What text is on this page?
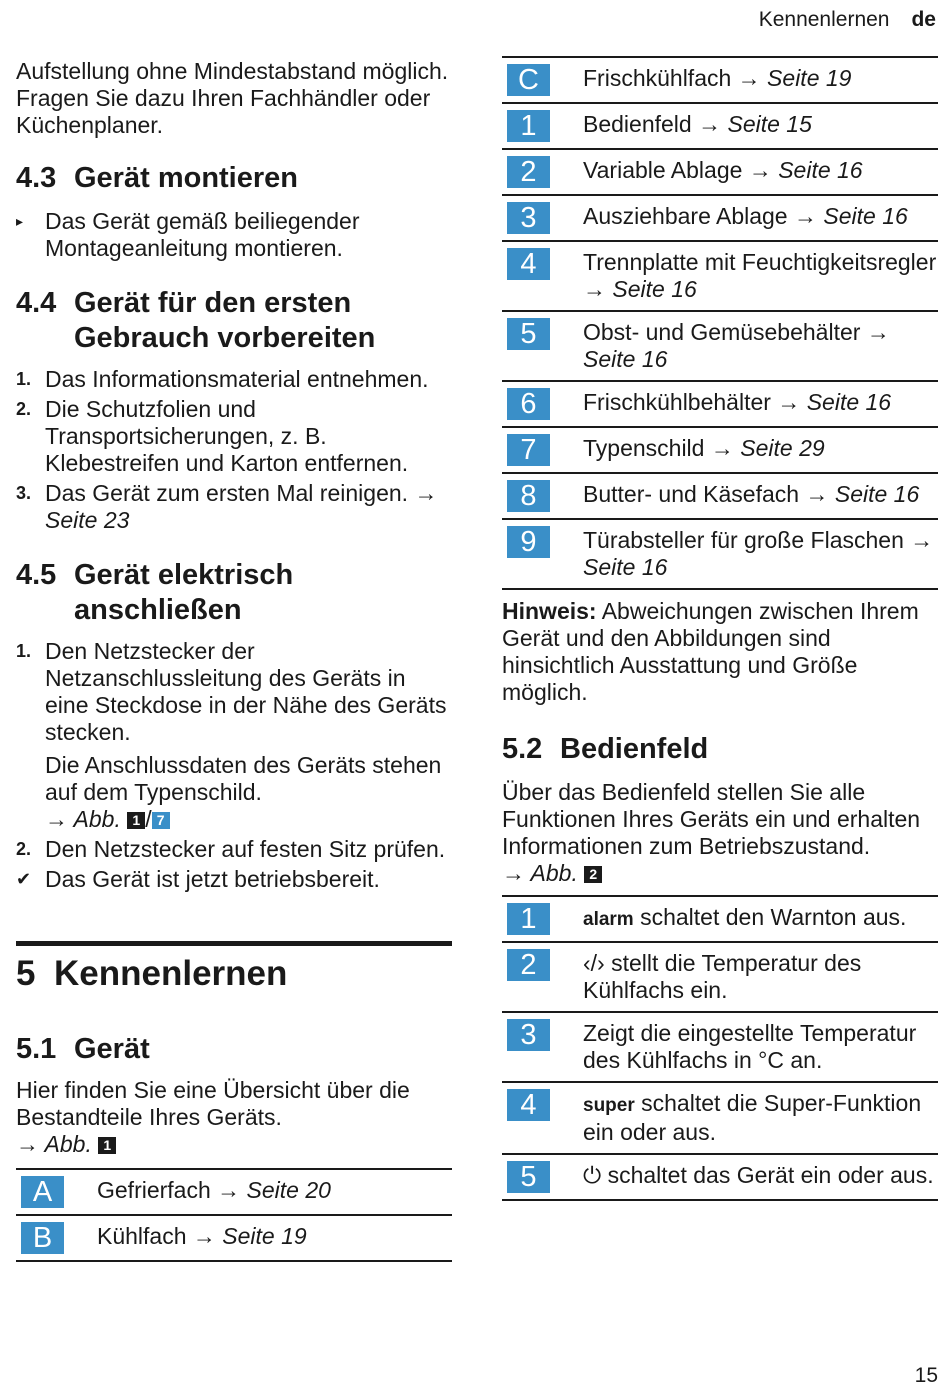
Kennenlernen de

Aufstellung ohne Mindestabstand möglich. Fragen Sie dazu Ihren Fachhändler oder Küchenplaner.

4.3 Gerät montieren
▸ Das Gerät gemäß beiliegender Montageanleitung montieren.
4.4 Gerät für den ersten Gebrauch vorbereiten
1. Das Informationsmaterial entnehmen.
2. Die Schutzfolien und Transportsicherungen, z. B. Klebestreifen und Karton entfernen.
3. Das Gerät zum ersten Mal reinigen. → Seite 23
4.5 Gerät elektrisch anschließen
1. Den Netzstecker der Netzanschlussleitung des Geräts in eine Steckdose in der Nähe des Geräts stecken.
Die Anschlussdaten des Geräts stehen auf dem Typenschild.
→ Abb. 1 / 7
2. Den Netzstecker auf festen Sitz prüfen.
✔ Das Gerät ist jetzt betriebsbereit.
5 Kennenlernen
5.1 Gerät

Hier finden Sie eine Übersicht über die Bestandteile Ihres Geräts.
→ Abb. 1

A	Gefrierfach → Seite 20
B	Kühlfach → Seite 19
C	Frischkühlfach → Seite 19
1	Bedienfeld → Seite 15
2	Variable Ablage → Seite 16
3	Ausziehbare Ablage → Seite 16
4	Trennplatte mit Feuchtigkeitsregler → Seite 16
5	Obst- und Gemüsebehälter → Seite 16
6	Frischkühlbehälter → Seite 16
7	Typenschild → Seite 29
8	Butter- und Käsefach → Seite 16
9	Türabsteller für große Flaschen → Seite 16

Hinweis: Abweichungen zwischen Ihrem Gerät und den Abbildungen sind hinsichtlich Ausstattung und Größe möglich.

5.2 Bedienfeld

Über das Bedienfeld stellen Sie alle Funktionen Ihres Geräts ein und erhalten Informationen zum Betriebszustand.
→ Abb. 2

1	alarm schaltet den Warnton aus.
2	‹/› stellt die Temperatur des Kühlfachs ein.
3	Zeigt die eingestellte Temperatur des Kühlfachs in °C an.
4	super schaltet die Super-Funktion ein oder aus.
5	⏻ schaltet das Gerät ein oder aus.
15
